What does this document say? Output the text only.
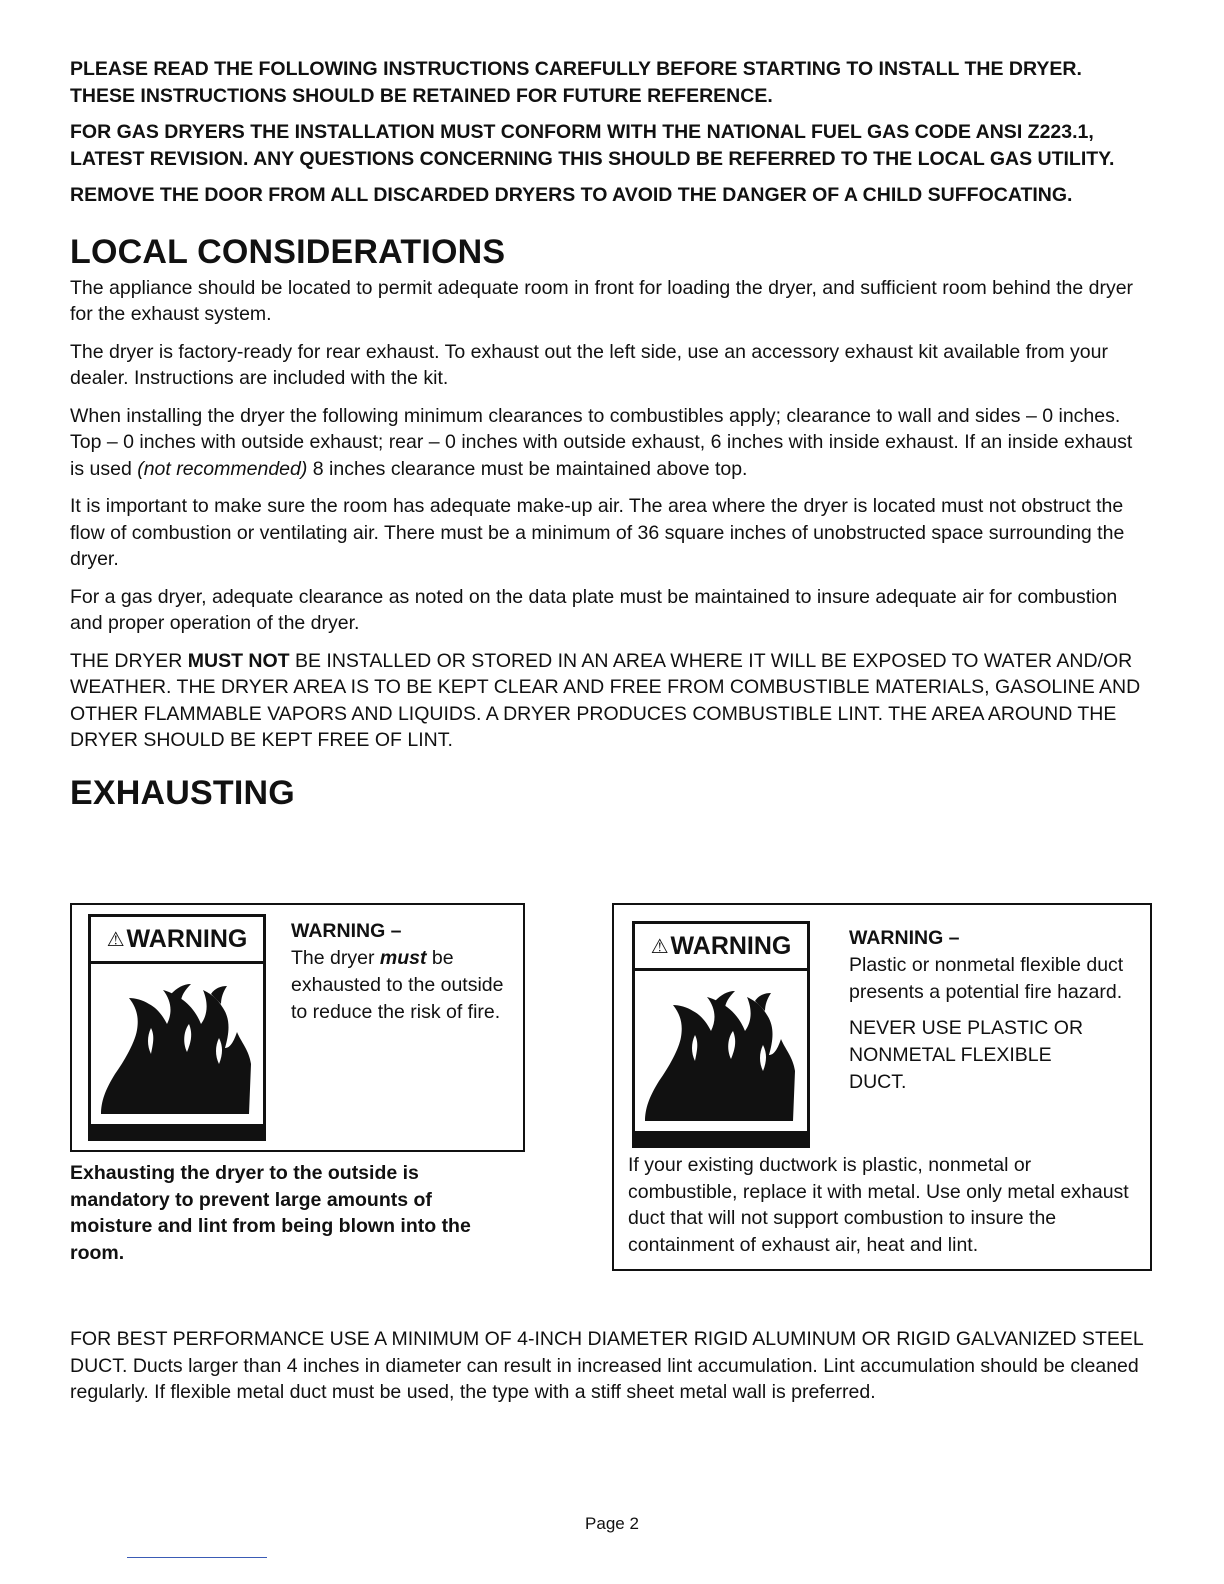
PLEASE READ THE FOLLOWING INSTRUCTIONS CAREFULLY BEFORE STARTING TO INSTALL THE DRYER. THESE INSTRUCTIONS SHOULD BE RETAINED FOR FUTURE REFERENCE.

FOR GAS DRYERS THE INSTALLATION MUST CONFORM WITH THE NATIONAL FUEL GAS CODE ANSI Z223.1, LATEST REVISION. ANY QUESTIONS CONCERNING THIS SHOULD BE REFERRED TO THE LOCAL GAS UTILITY.

REMOVE THE DOOR FROM ALL DISCARDED DRYERS TO AVOID THE DANGER OF A CHILD SUFFOCATING.

LOCAL CONSIDERATIONS

The appliance should be located to permit adequate room in front for loading the dryer, and sufficient room behind the dryer for the exhaust system.

The dryer is factory-ready for rear exhaust. To exhaust out the left side, use an accessory exhaust kit available from your dealer. Instructions are included with the kit.

When installing the dryer the following minimum clearances to combustibles apply; clearance to wall and sides – 0 inches. Top – 0 inches with outside exhaust; rear – 0 inches with outside exhaust, 6 inches with inside exhaust. If an inside exhaust is used (not recommended) 8 inches clearance must be maintained above top.

It is important to make sure the room has adequate make-up air. The area where the dryer is located must not obstruct the flow of combustion or ventilating air. There must be a minimum of 36 square inches of unobstructed space surrounding the dryer.

For a gas dryer, adequate clearance as noted on the data plate must be maintained to insure adequate air for combustion and proper operation of the dryer.

THE DRYER MUST NOT BE INSTALLED OR STORED IN AN AREA WHERE IT WILL BE EXPOSED TO WATER AND/OR WEATHER. THE DRYER AREA IS TO BE KEPT CLEAR AND FREE FROM COMBUSTIBLE MATERIALS, GASOLINE AND OTHER FLAMMABLE VAPORS AND LIQUIDS. A DRYER PRODUCES COMBUSTIBLE LINT. THE AREA AROUND THE DRYER SHOULD BE KEPT FREE OF LINT.

EXHAUSTING
⚠ WARNING WARNING –
The dryer must be exhausted to the outside to reduce the risk of fire.
Exhausting the dryer to the outside is mandatory to prevent large amounts of moisture and lint from being blown into the room.
⚠ WARNING	WARNING –
Plastic or nonmetal flexible duct presents a potential fire hazard.
NEVER USE PLASTIC OR NONMETAL FLEXIBLE DUCT.
If your existing ductwork is plastic, nonmetal or combustible, replace it with metal. Use only metal exhaust duct that will not support combustion to insure the containment of exhaust air, heat and lint.
FOR BEST PERFORMANCE USE A MINIMUM OF 4-INCH DIAMETER RIGID ALUMINUM OR RIGID GALVANIZED STEEL DUCT. Ducts larger than 4 inches in diameter can result in increased lint accumulation. Lint accumulation should be cleaned regularly. If flexible metal duct must be used, the type with a stiff sheet metal wall is preferred.
Page 2
